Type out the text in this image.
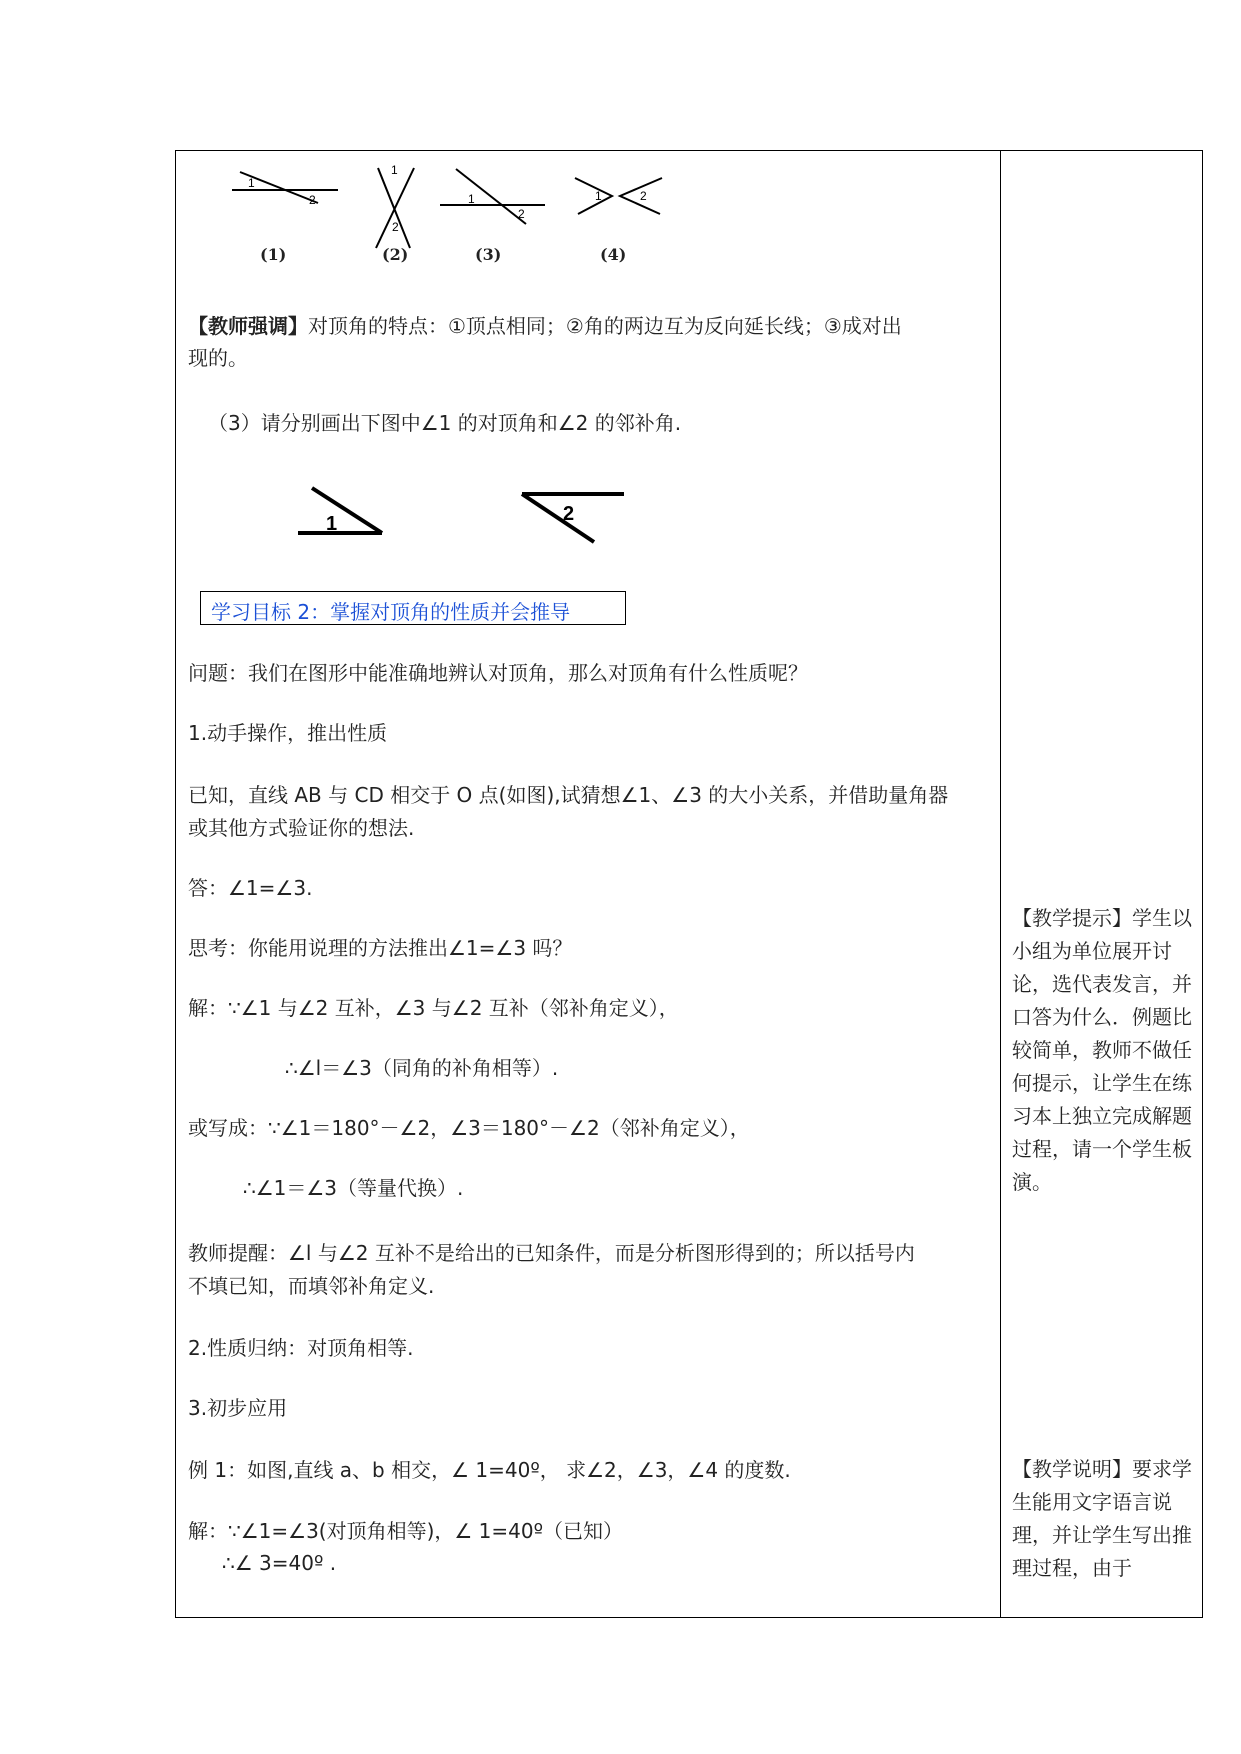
1
2
1
2
1
2
1	2
(1)	(2)	(3)	(4)
【教师强调】对顶角的特点：①顶点相同；②角的两边互为反向延长线；③成对出
现的。
（3）请分别画出下图中∠1 的对顶角和∠2 的邻补角.
1	2
学习目标 2：掌握对顶角的性质并会推导
问题：我们在图形中能准确地辨认对顶角，那么对顶角有什么性质呢？
1.动手操作，推出性质
已知，直线 AB 与 CD 相交于 O 点(如图),试猜想∠1、∠3 的大小关系，并借助量角器
或其他方式验证你的想法.
答：∠1=∠3.
思考：你能用说理的方法推出∠1=∠3 吗？
解：∵∠1 与∠2 互补，∠3 与∠2 互补（邻补角定义），
∴∠l＝∠3（同角的补角相等）.
或写成：∵∠1＝180°－∠2，∠3＝180°－∠2（邻补角定义），
∴∠1＝∠3（等量代换）.
教师提醒：∠l 与∠2 互补不是给出的已知条件，而是分析图形得到的；所以括号内
不填已知，而填邻补角定义.
2.性质归纳：对顶角相等.
3.初步应用
例 1：如图,直线 a、b 相交，∠ 1=40º， 求∠2，∠3，∠4 的度数.
解：∵∠1=∠3(对顶角相等)，∠ 1=40º（已知）
∴∠ 3=40º .
【教学提示】学生以小组为单位展开讨论，选代表发言，并口答为什么．例题比较简单，教师不做任何提示，让学生在练习本上独立完成解题过程，请一个学生板演。
【教学说明】要求学生能用文字语言说理，并让学生写出推理过程，由于
